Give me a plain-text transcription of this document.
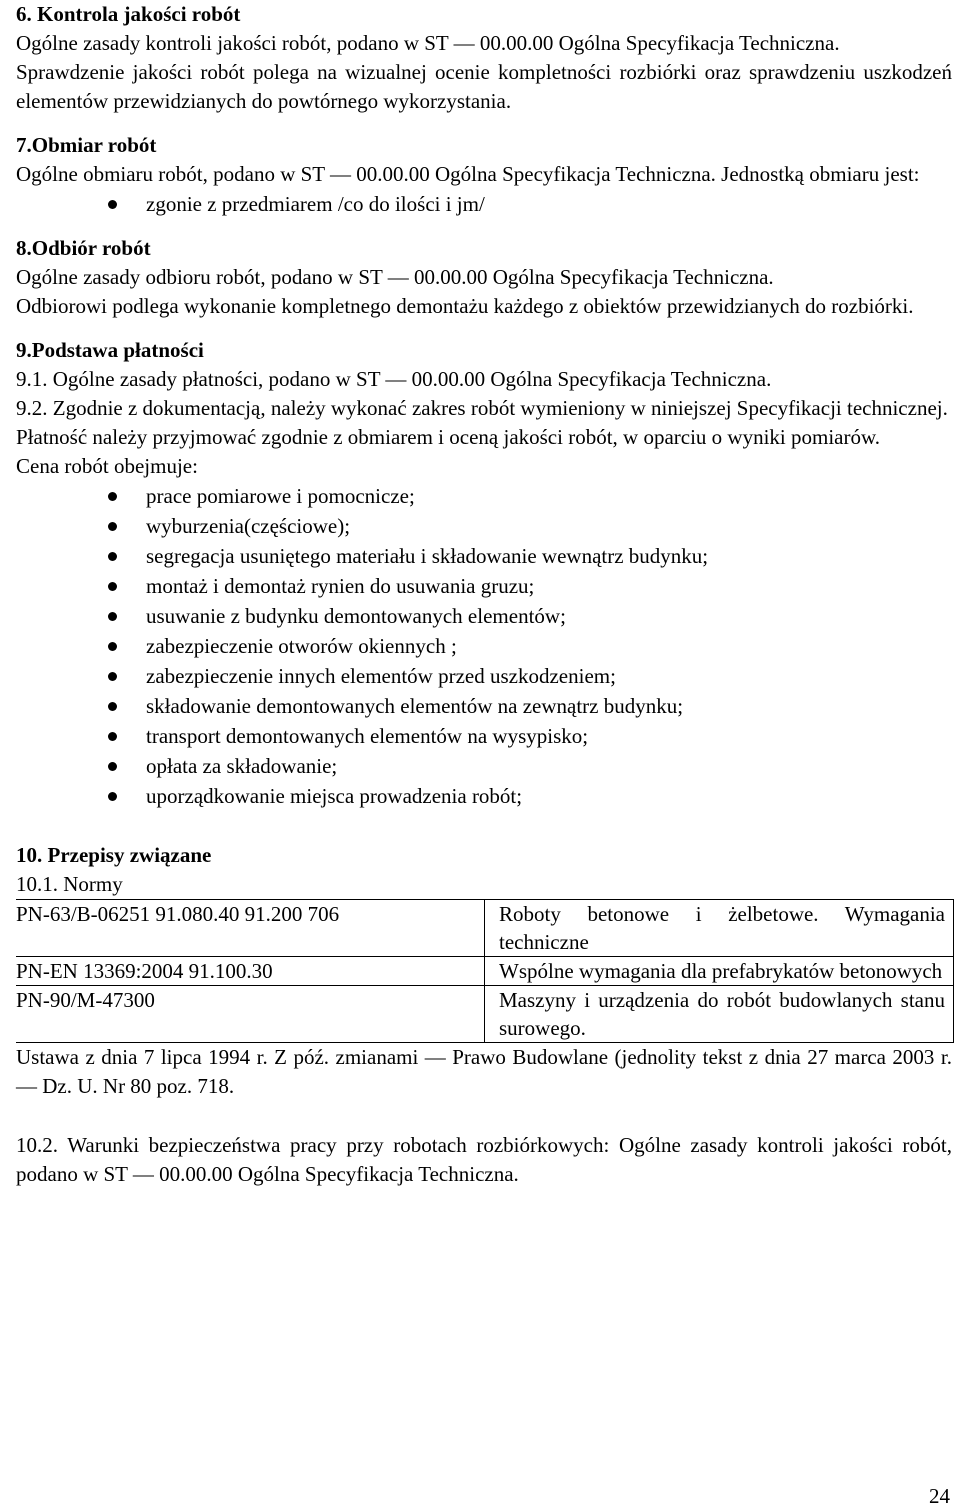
6. Kontrola jakości robót

Ogólne zasady kontroli jakości robót, podano w ST — 00.00.00 Ogólna Specyfikacja Techniczna.

Sprawdzenie jakości robót polega na wizualnej ocenie kompletności rozbiórki oraz sprawdzeniu uszkodzeń elementów przewidzianych do powtórnego wykorzystania.

7.Obmiar robót

Ogólne obmiaru robót, podano w ST — 00.00.00 Ogólna Specyfikacja Techniczna. Jednostką obmiaru jest:

zgonie z przedmiarem /co do ilości i jm/

8.Odbiór robót

Ogólne zasady odbioru robót, podano w ST — 00.00.00 Ogólna Specyfikacja Techniczna.

Odbiorowi podlega wykonanie kompletnego demontażu każdego z obiektów przewidzianych do rozbiórki.

9.Podstawa płatności

9.1. Ogólne zasady płatności, podano w ST — 00.00.00 Ogólna Specyfikacja Techniczna.

9.2. Zgodnie z dokumentacją, należy wykonać zakres robót wymieniony w niniejszej Specyfikacji technicznej.

Płatność należy przyjmować zgodnie z obmiarem i oceną jakości robót, w oparciu o wyniki pomiarów.

Cena robót obejmuje:

prace pomiarowe i pomocnicze;
wyburzenia(częściowe);
segregacja usuniętego materiału i składowanie wewnątrz budynku;
montaż i demontaż rynien do usuwania gruzu;
usuwanie z budynku demontowanych elementów;
zabezpieczenie otworów okiennych ;
zabezpieczenie innych elementów przed uszkodzeniem;
składowanie demontowanych elementów na zewnątrz budynku;
transport demontowanych elementów na wysypisko;
opłata za składowanie;
uporządkowanie miejsca prowadzenia robót;

10. Przepisy związane

10.1. Normy

PN-63/B-06251 91.080.40 91.200 706	Roboty betonowe i żelbetowe. Wymagania techniczne
PN-EN 13369:2004 91.100.30	Wspólne wymagania dla prefabrykatów betonowych
PN-90/M-47300	Maszyny i urządzenia do robót budowlanych stanu surowego.

Ustawa z dnia 7 lipca 1994 r. Z póź. zmianami — Prawo Budowlane (jednolity tekst z dnia 27 marca 2003 r. — Dz. U. Nr 80 poz. 718.

10.2. Warunki bezpieczeństwa pracy przy robotach rozbiórkowych: Ogólne zasady kontroli jakości robót, podano w ST — 00.00.00 Ogólna Specyfikacja Techniczna.

24
